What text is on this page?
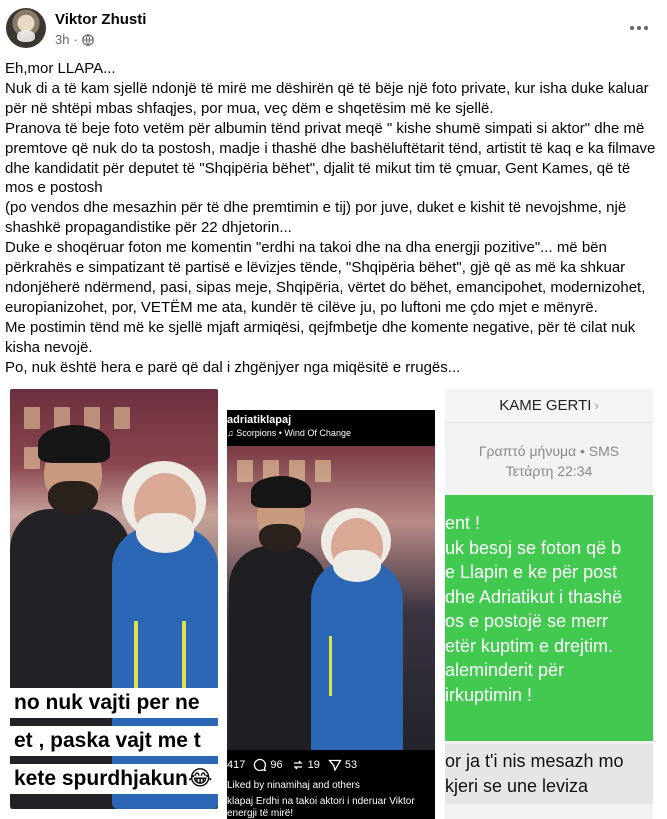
Viktor Zhusti
3h ·

Eh,mor LLAPA...

Nuk di a të kam sjellë ndonjë të mirë me dëshirën që të bëje një foto private, kur isha duke kaluar

për në shtëpi mbas shfaqjes, por mua, veç dëm e shqetësim më ke sjellë.

Pranova të beje foto vetëm për albumin tënd privat meqë " kishe shumë simpati si aktor" dhe më

premtove që nuk do ta postosh, madje i thashë dhe bashëluftëtarit tënd, artistit të kaq e ka filmave

dhe kandidatit për deputet të "Shqipëria bëhet", djalit të mikut tim të çmuar, Gent Kames, që të

mos e postosh

(po vendos dhe mesazhin për të dhe premtimin e tij) por juve, duket e kishit të nevojshme, një

shashkë propagandistike për 22 dhjetorin...

Duke e shoqëruar foton me komentin "erdhi na takoi dhe na dha energji pozitive"... më bën

përkrahës e simpatizant të partisë e lëvizjes tënde, "Shqipëria bëhet", gjë që as më ka shkuar

ndonjëherë ndërmend, pasi, sipas meje, Shqipëria, vërtet do bëhet, emancipohet, modernizohet,

europianizohet, por, VETËM me ata, kundër të cilëve ju, po luftoni me çdo mjet e mënyrë.

Me postimin tënd më ke sjellë mjaft armiqësi, qejfmbetje dhe komente negative, për të cilat nuk

kisha nevojë.

Po, nuk është hera e parë që dal i zhgënjyer nga miqësitë e rrugës...

no nuk vajti per ne
et , paska vajt me t
kete spurdhjakun😂
adriatiklapaj
♫ Scorpions • Wind Of Change
417 96 19 53
Liked by ninamihaj and others
klapaj Erdhi na takoi aktori i nderuar Viktor
energji të mirë!
KAME GERTI ›
Γραπτό μήνυμα • SMS
Τετάρτη 22:34

ent !

uk besoj se foton që b

e Llapin e ke për post

dhe Adriatikut i thashë

os e postojë se merr

etër kuptim e drejtim.

aleminderit për

irkuptimin !

or ja t'i nis mesazh mo

kjeri se une leviza
